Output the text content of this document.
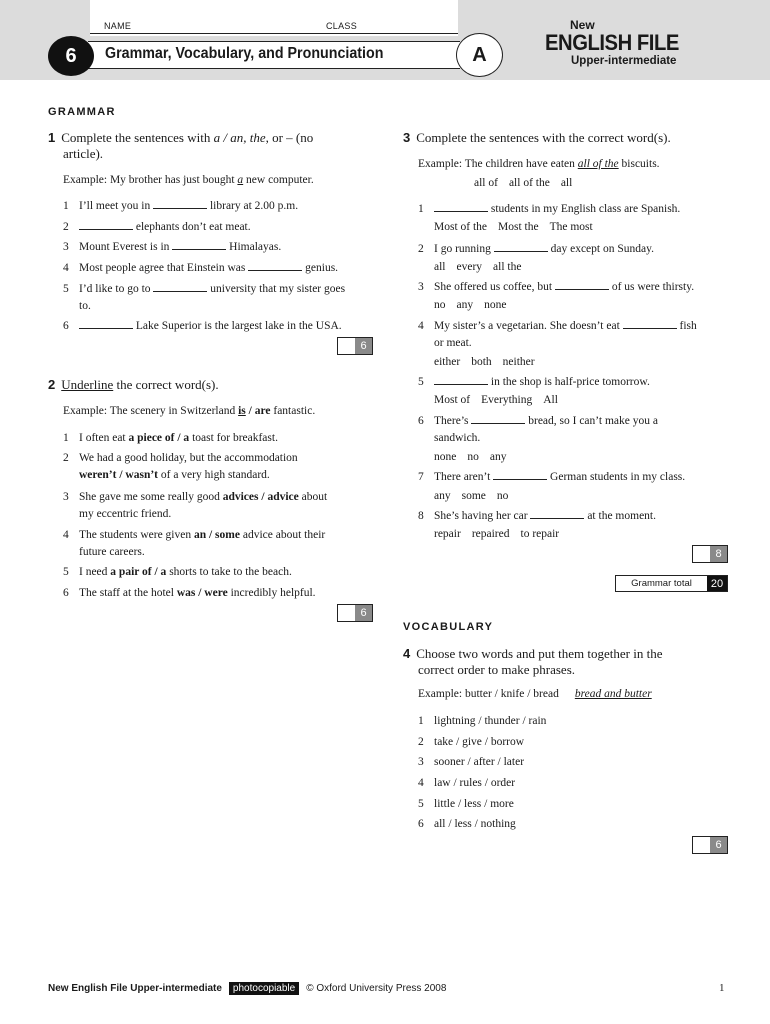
NAME	CLASS
6	Grammar, Vocabulary, and Pronunciation	A
New
ENGLISH FILE
Upper-intermediate
GRAMMAR
1 Complete the sentences with a / an, the, or – (no
article).
Example: My brother has just bought a new computer.
1 I’ll meet you in	library at 2.00 p.m.
2	elephants don’t eat meat.
3 Mount Everest is in	Himalayas.
4 Most people agree that Einstein was	genius.
5 I’d like to go to	university that my sister goes
to.
6	Lake Superior is the largest lake in the USA.
6
2 Underline the correct word(s).
Example: The scenery in Switzerland is / are fantastic.
1 I often eat a piece of / a toast for breakfast.
2 We had a good holiday, but the accommodation
weren’t / wasn’t of a very high standard.
3 She gave me some really good advices / advice about
my eccentric friend.
4 The students were given an / some advice about their
future careers.
5 I need a pair of / a shorts to take to the beach.
6 The staff at the hotel was / were incredibly helpful.
6
3 Complete the sentences with the correct word(s).
Example: The children have eaten all of the biscuits.
all of all of the all
1	students in my English class are Spanish.
Most of the Most the The most
2 I go running	day except on Sunday.
all every all the
3 She offered us coffee, but	of us were thirsty.
no any none
4 My sister’s a vegetarian. She doesn’t eat	fish
or meat.
either both neither
5	in the shop is half-price tomorrow.
Most of Everything All
6 There’s	bread, so I can’t make you a
sandwich.
none no any
7 There aren’t	German students in my class.
any some no
8 She’s having her car	at the moment.
repair repaired to repair
8
Grammar total	20
VOCABULARY
4 Choose two words and put them together in the
correct order to make phrases.
Example: butter / knife / bread bread and butter
1 lightning / thunder / rain
2 take / give / borrow
3 sooner / after / later
4 law / rules / order
5 little / less / more
6 all / less / nothing
6
New English File Upper-intermediate	photocopiable	© Oxford University Press 2008	1
